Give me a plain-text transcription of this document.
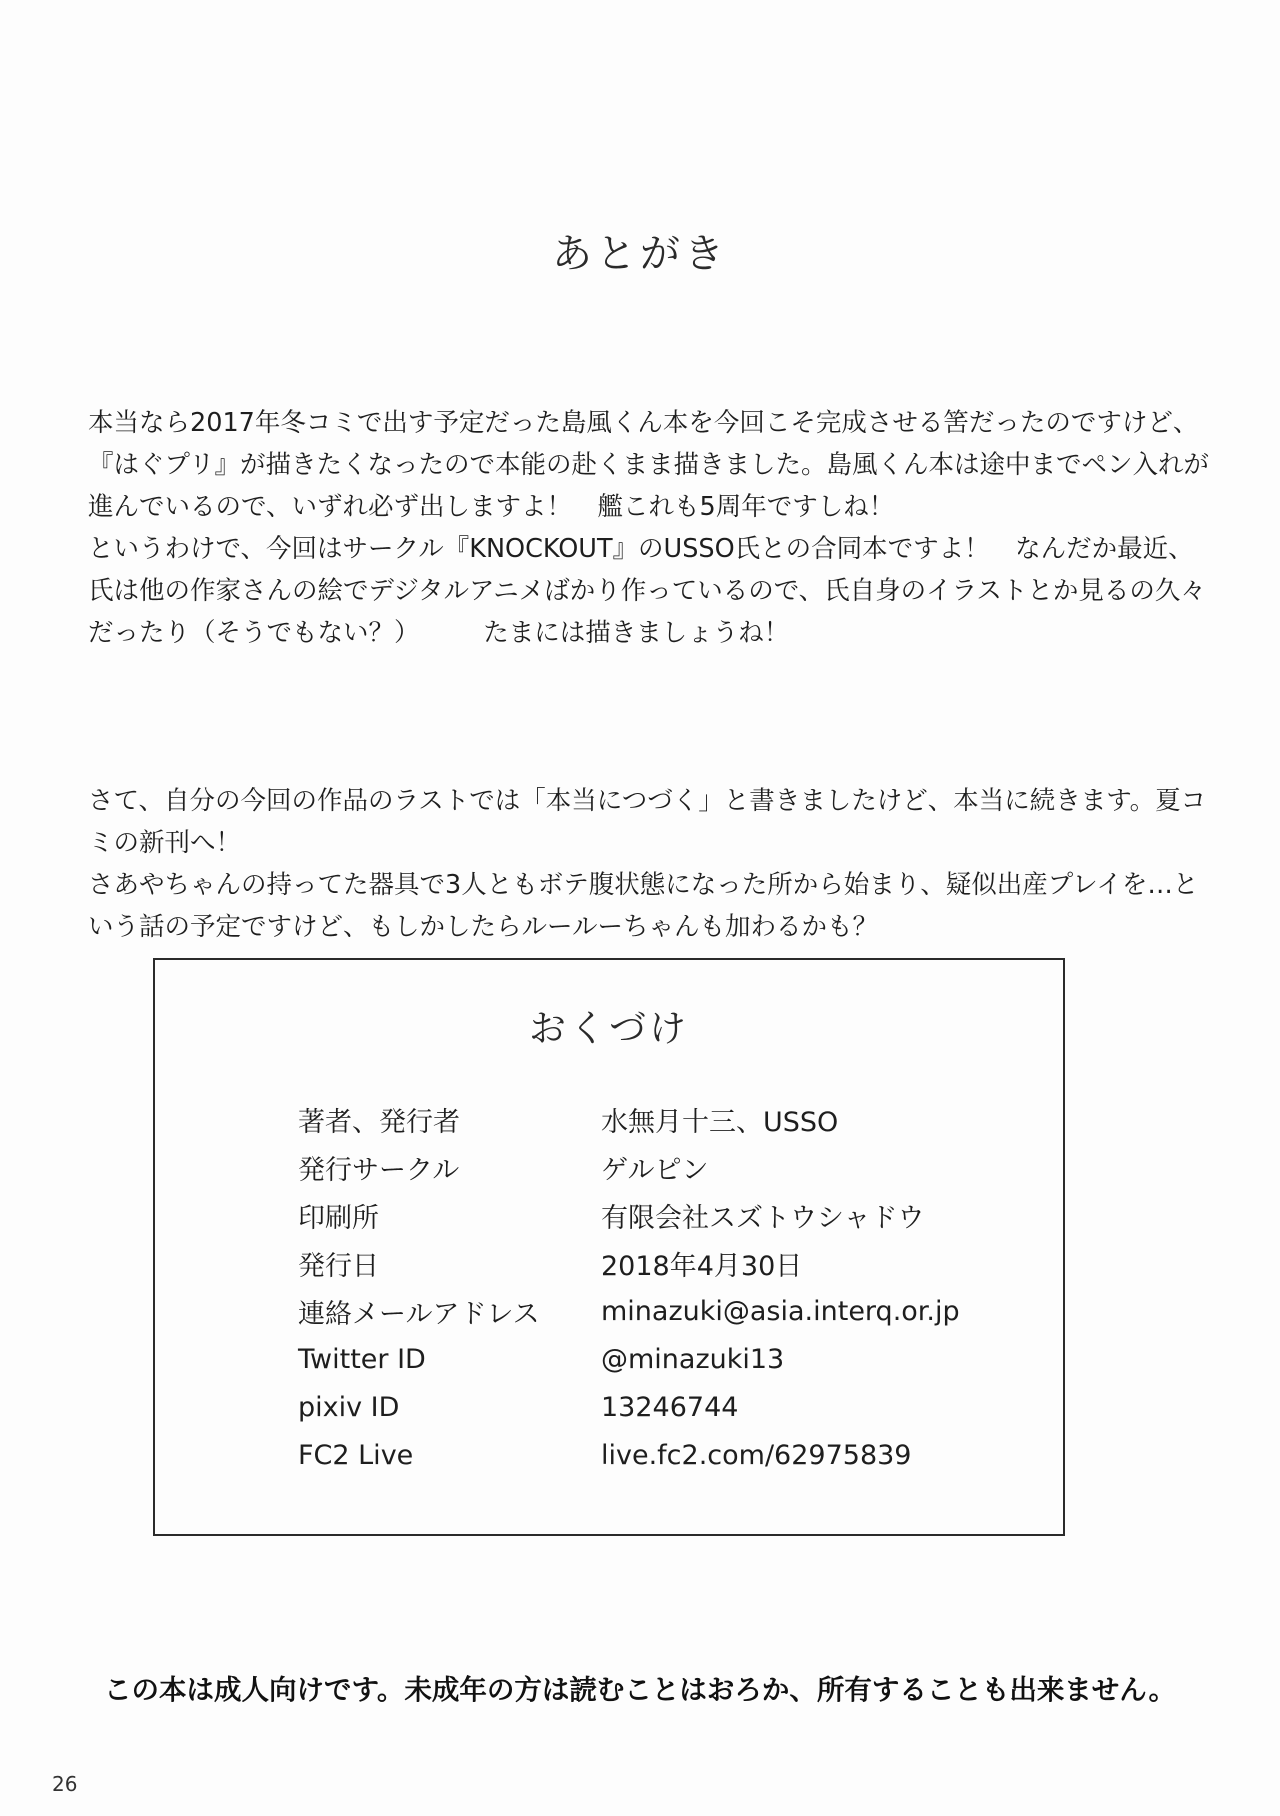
あとがき

本当なら2017年冬コミで出す予定だった島風くん本を今回こそ完成させる筈だったのですけど、
『はぐプリ』が描きたくなったので本能の赴くまま描きました。島風くん本は途中までペン入れが
進んでいるので、いずれ必ず出しますよ！　艦これも5周年ですしね！
というわけで、今回はサークル『KNOCKOUT』のUSSO氏との合同本ですよ！　なんだか最近、
氏は他の作家さんの絵でデジタルアニメばかり作っているので、氏自身のイラストとか見るの久々
だったり（そうでもない？）　　　たまには描きましょうね！

さて、自分の今回の作品のラストでは「本当につづく」と書きましたけど、本当に続きます。夏コ
ミの新刊へ！
さあやちゃんの持ってた器具で3人ともボテ腹状態になった所から始まり、疑似出産プレイを…と
いう話の予定ですけど、もしかしたらルールーちゃんも加わるかも？

おくづけ
著者、発行者	水無月十三、USSO
発行サークル	ゲルピン
印刷所	有限会社スズトウシャドウ
発行日	2018年4月30日
連絡メールアドレス	minazuki@asia.interq.or.jp
Twitter ID	@minazuki13
pixiv ID	13246744
FC2 Live	live.fc2.com/62975839
この本は成人向けです。未成年の方は読むことはおろか、所有することも出来ません。
26
